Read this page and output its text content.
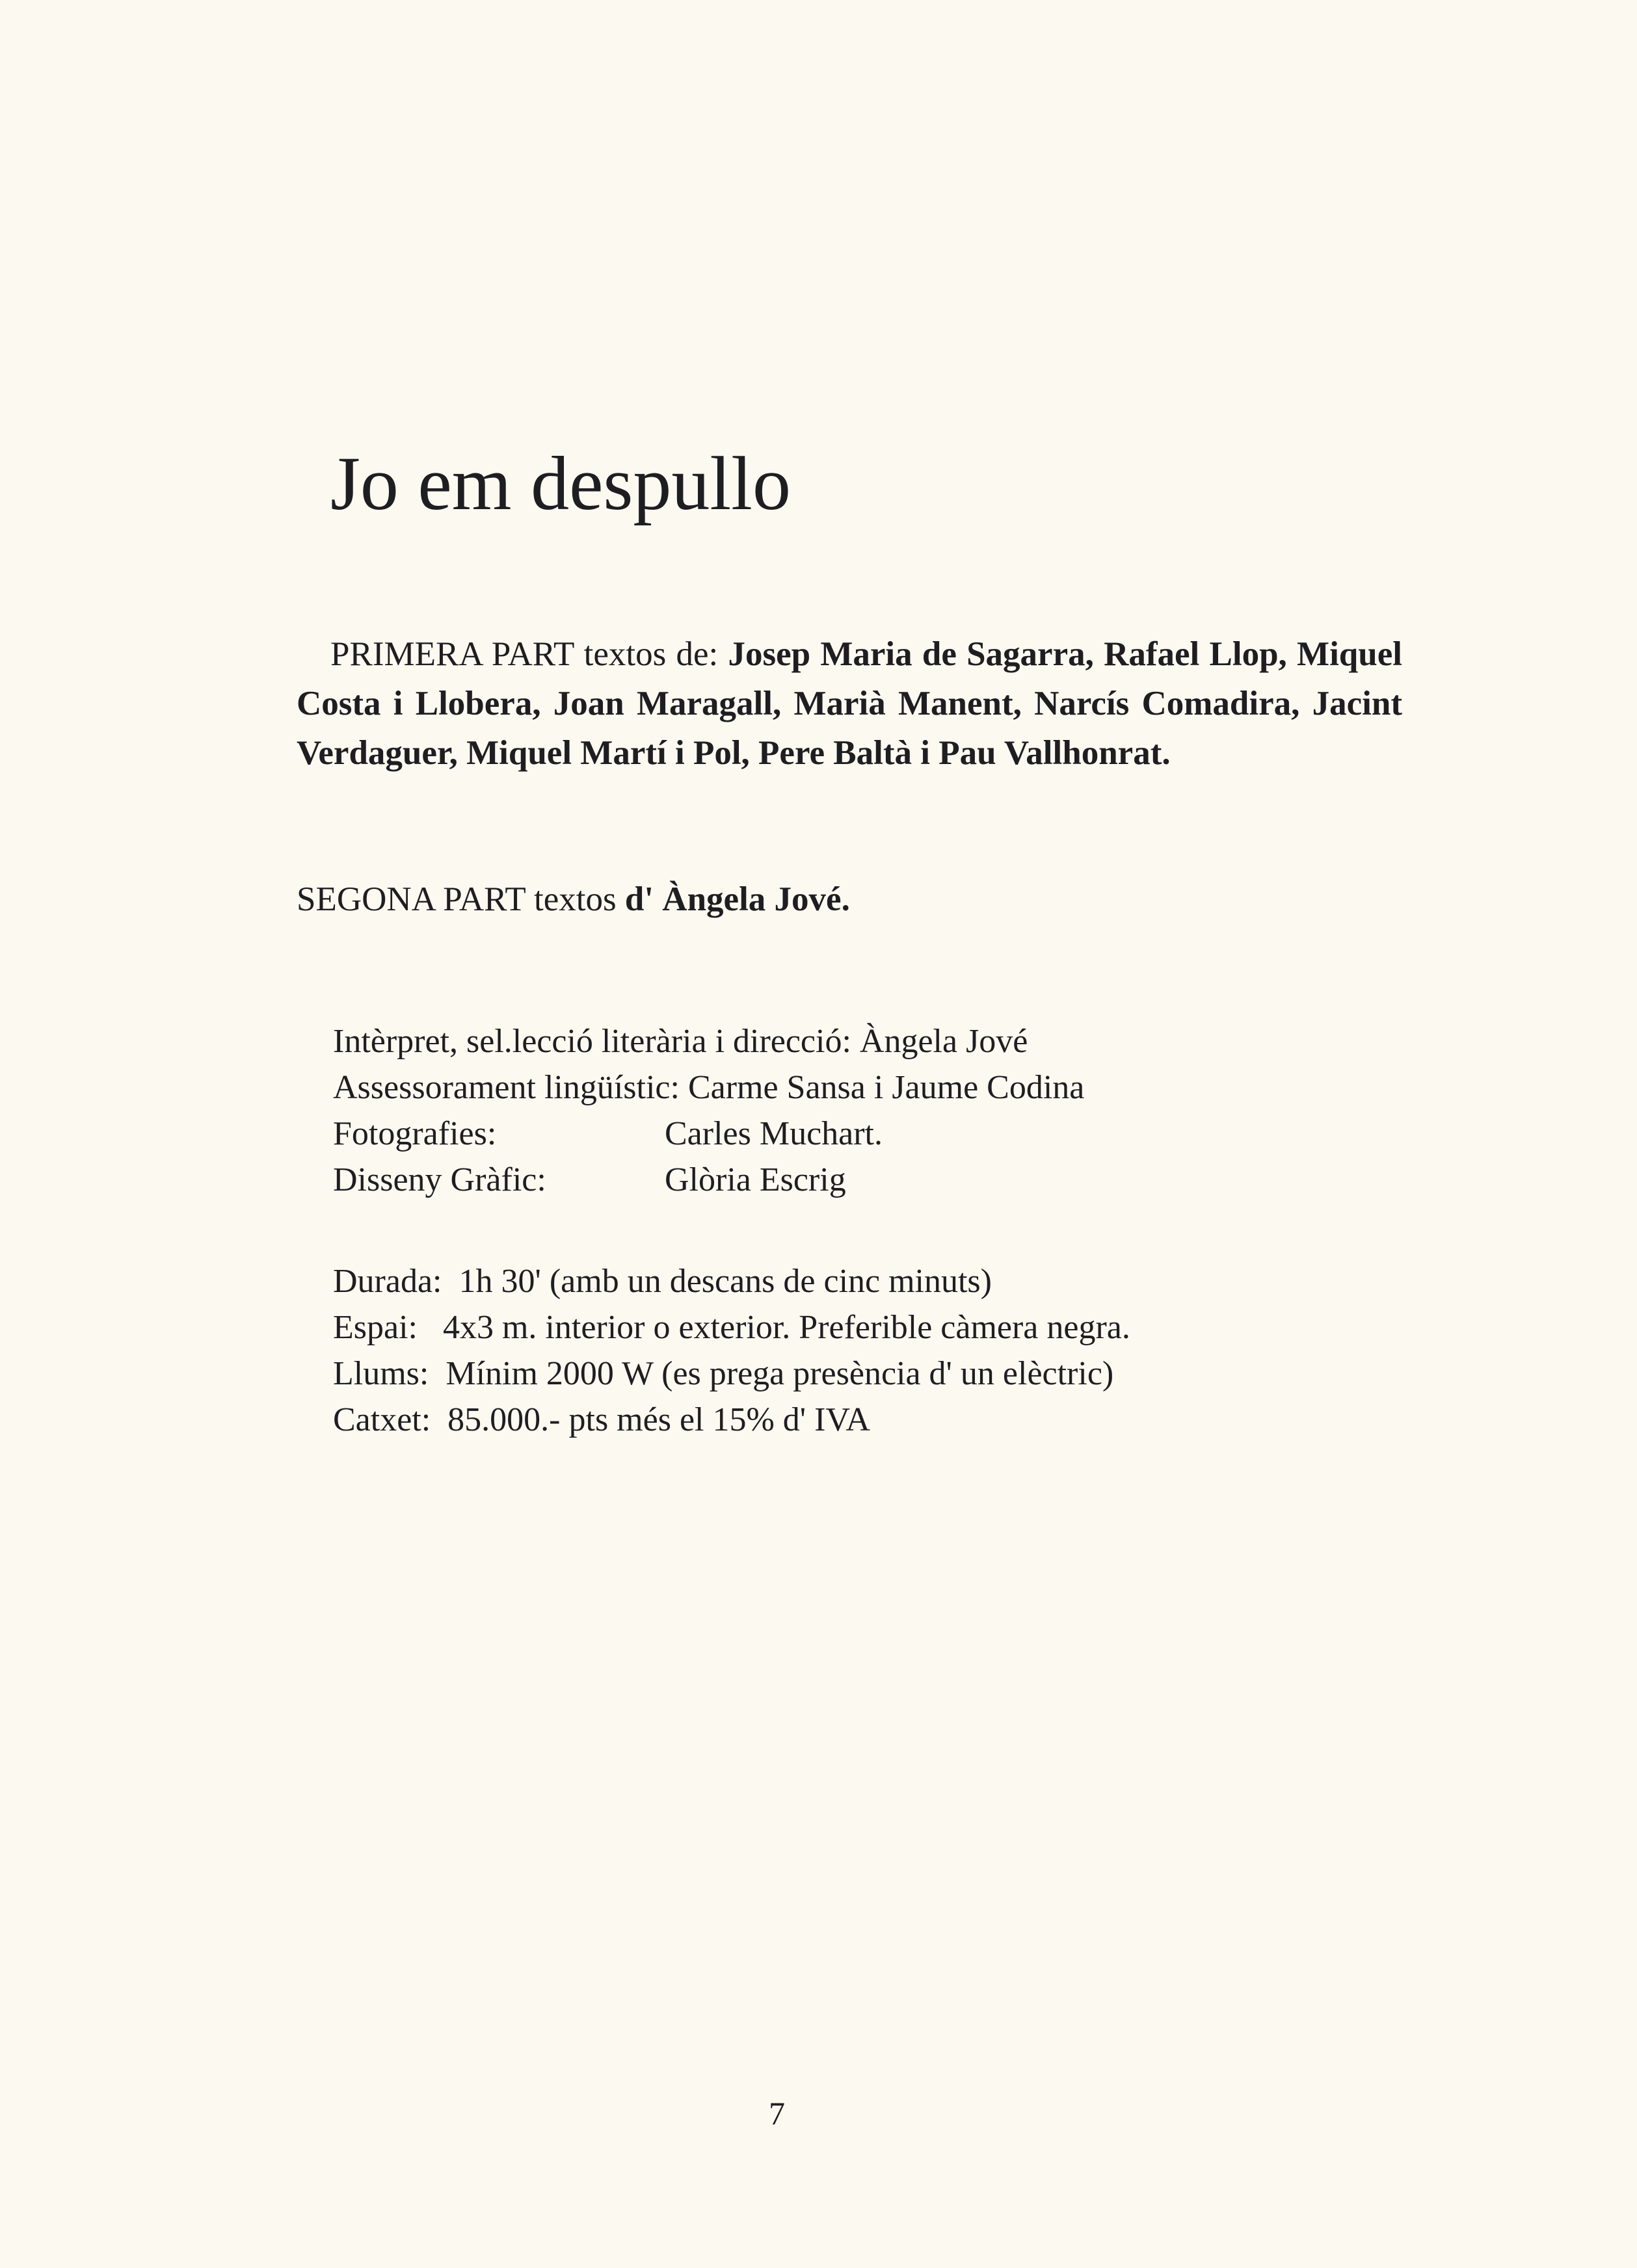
Jo em despullo
PRIMERA PART textos de: Josep Maria de Sagarra, Rafael Llop, Miquel Costa i Llobera, Joan Maragall, Marià Manent, Narcís Comadira, Jacint Verdaguer, Miquel Martí i Pol, Pere Baltà i Pau Vallhonrat.
SEGONA PART textos d' Àngela Jové.
Intèrpret, sel.lecció literària i direcció: Àngela Jové
Assessorament lingüístic: Carme Sansa i Jaume Codina
Fotografies:	Carles Muchart.
Disseny Gràfic:	Glòria Escrig
Durada:  1h 30' (amb un descans de cinc minuts)
Espai:   4x3 m. interior o exterior. Preferible càmera negra.
Llums:  Mínim 2000 W (es prega presència d' un elèctric)
Catxet:  85.000.- pts més el 15% d' IVA
7
